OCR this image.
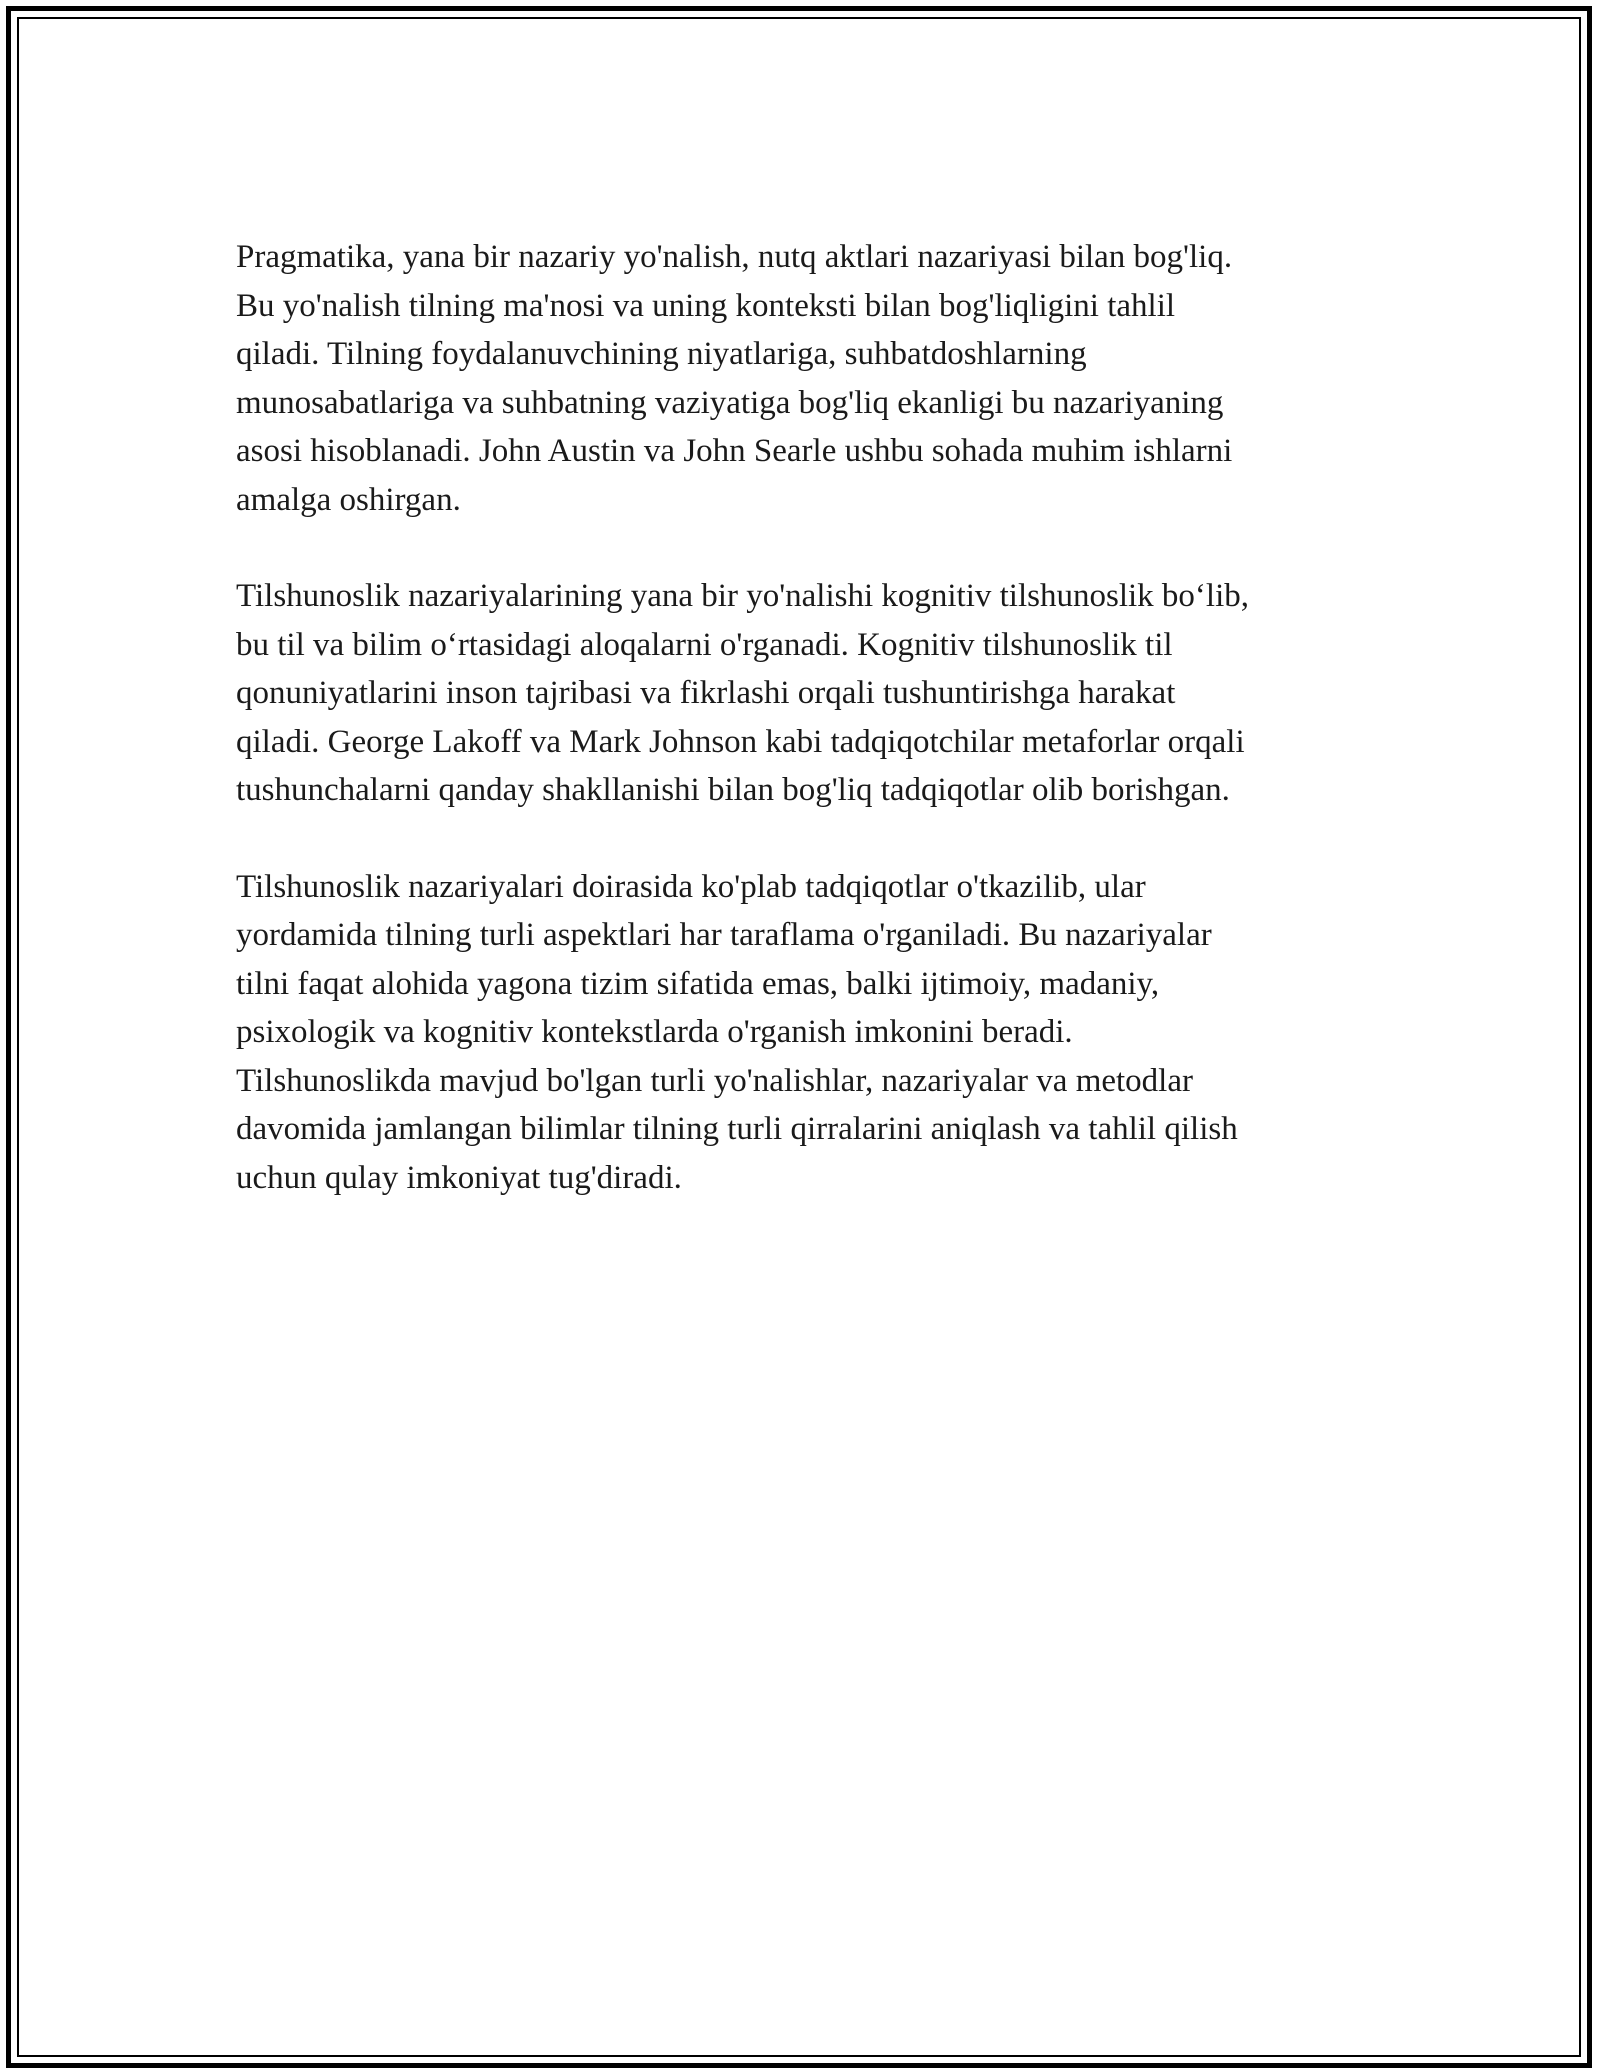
Pragmatika, yana bir nazariy yo'nalish, nutq aktlari nazariyasi bilan bog'liq.
Bu yo'nalish tilning ma'nosi va uning konteksti bilan bog'liqligini tahlil
qiladi. Tilning foydalanuvchining niyatlariga, suhbatdoshlarning
munosabatlariga va suhbatning vaziyatiga bog'liq ekanligi bu nazariyaning
asosi hisoblanadi. John Austin va John Searle ushbu sohada muhim ishlarni
amalga oshirgan.

Tilshunoslik nazariyalarining yana bir yo'nalishi kognitiv tilshunoslik bo‘lib,
bu til va bilim o‘rtasidagi aloqalarni o'rganadi. Kognitiv tilshunoslik til
qonuniyatlarini inson tajribasi va fikrlashi orqali tushuntirishga harakat
qiladi. George Lakoff va Mark Johnson kabi tadqiqotchilar metaforlar orqali
tushunchalarni qanday shakllanishi bilan bog'liq tadqiqotlar olib borishgan.

Tilshunoslik nazariyalari doirasida ko'plab tadqiqotlar o'tkazilib, ular
yordamida tilning turli aspektlari har taraflama o'rganiladi. Bu nazariyalar
tilni faqat alohida yagona tizim sifatida emas, balki ijtimoiy, madaniy,
psixologik va kognitiv kontekstlarda o'rganish imkonini beradi.
Tilshunoslikda mavjud bo'lgan turli yo'nalishlar, nazariyalar va metodlar
davomida jamlangan bilimlar tilning turli qirralarini aniqlash va tahlil qilish
uchun qulay imkoniyat tug'diradi.
